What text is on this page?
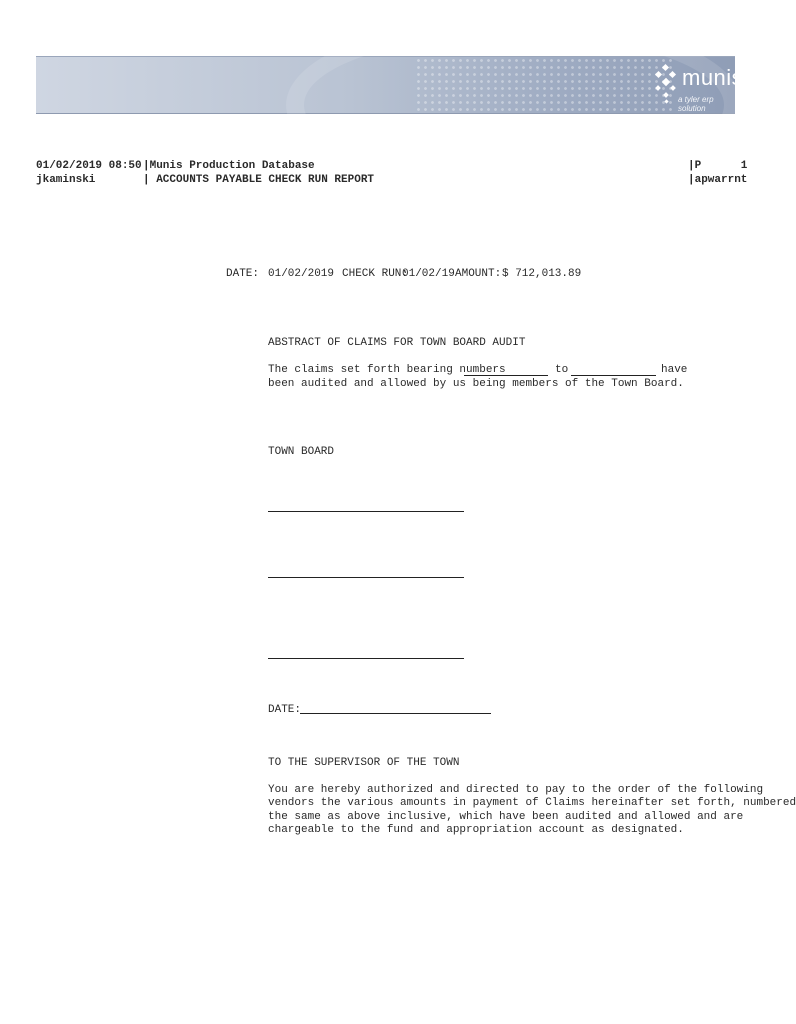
munis
a tyler erp solution
01/02/2019 08:50
jkaminski
|Munis Production Database
| ACCOUNTS PAYABLE CHECK RUN REPORT
|P      1
|apwarrnt
DATE: 01/02/2019 CHECK RUN:
01/02/19 AMOUNT: $ 712,013.89
ABSTRACT OF CLAIMS FOR TOWN BOARD AUDIT
The claims set forth bearing numbers	to	have
been audited and allowed by us being members of the Town Board.
TOWN BOARD
DATE:
TO THE SUPERVISOR OF THE TOWN
You are hereby authorized and directed to pay to the order of the following
vendors the various amounts in payment of Claims hereinafter set forth, numbered
the same as above inclusive, which have been audited and allowed and are
chargeable to the fund and appropriation account as designated.
